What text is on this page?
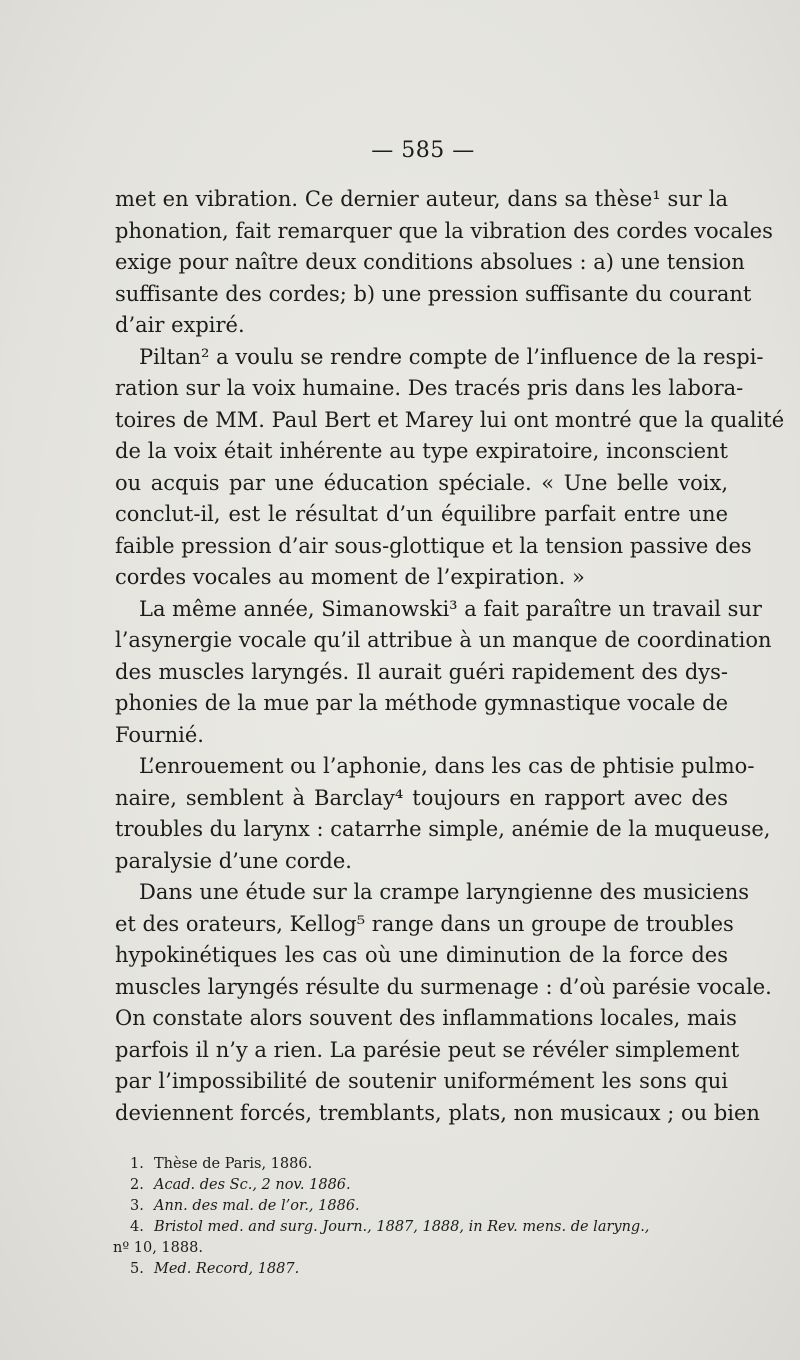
— 585 —
met en vibration. Ce dernier auteur, dans sa thèse¹ sur la
phonation, fait remarquer que la vibration des cordes vocales
exige pour naître deux conditions absolues : a) une tension
suffisante des cordes; b) une pression suffisante du courant
d’air expiré.
Piltan² a voulu se rendre compte de l’influence de la respi-
ration sur la voix humaine. Des tracés pris dans les labora-
toires de MM. Paul Bert et Marey lui ont montré que la qualité
de la voix était inhérente au type expiratoire, inconscient
ou acquis par une éducation spéciale. « Une belle voix,
conclut-il, est le résultat d’un équilibre parfait entre une
faible pression d’air sous-glottique et la tension passive des
cordes vocales au moment de l’expiration. »
La même année, Simanowski³ a fait paraître un travail sur
l’asynergie vocale qu’il attribue à un manque de coordination
des muscles laryngés. Il aurait guéri rapidement des dys-
phonies de la mue par la méthode gymnastique vocale de
Fournié.
L’enrouement ou l’aphonie, dans les cas de phtisie pulmo-
naire, semblent à Barclay⁴ toujours en rapport avec des
troubles du larynx : catarrhe simple, anémie de la muqueuse,
paralysie d’une corde.
Dans une étude sur la crampe laryngienne des musiciens
et des orateurs, Kellog⁵ range dans un groupe de troubles
hypokinétiques les cas où une diminution de la force des
muscles laryngés résulte du surmenage : d’où parésie vocale.
On constate alors souvent des inflammations locales, mais
parfois il n’y a rien. La parésie peut se révéler simplement
par l’impossibilité de soutenir uniformément les sons qui
deviennent forcés, tremblants, plats, non musicaux ; ou bien
1. Thèse de Paris, 1886.
2. Acad. des Sc., 2 nov. 1886.
3. Ann. des mal. de l’or., 1886.
4. Bristol med. and surg. Journ., 1887, 1888, in Rev. mens. de laryng.,
nº 10, 1888.
5. Med. Record, 1887.
